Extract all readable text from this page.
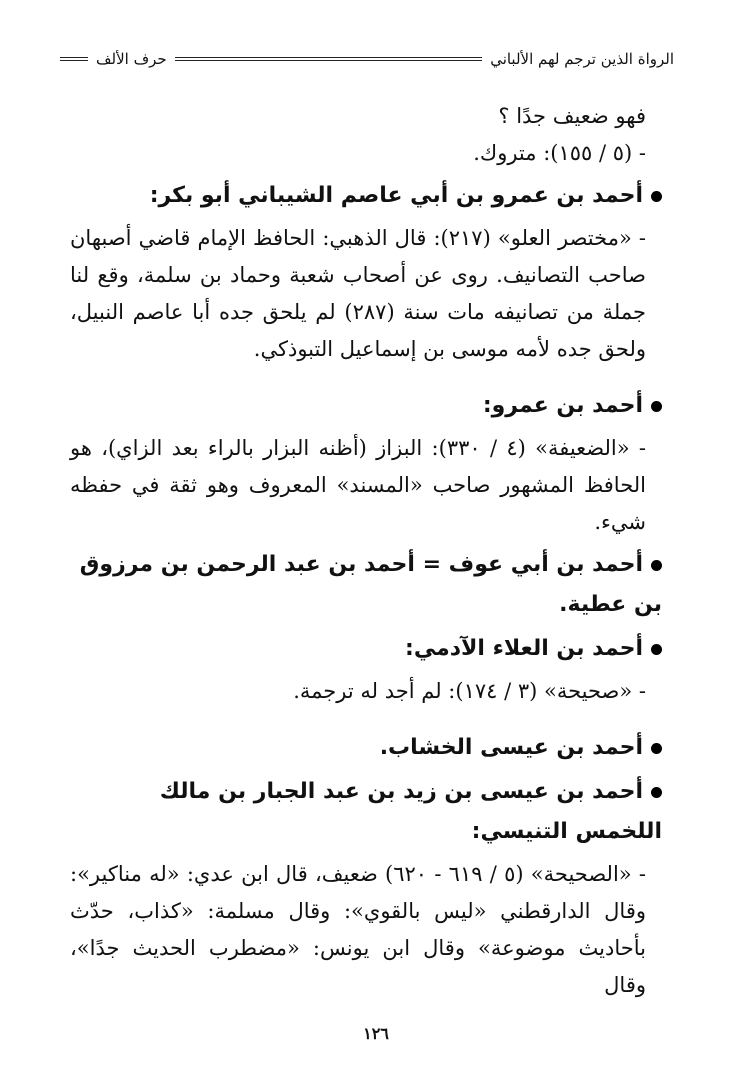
الرواة الذين ترجم لهم الألباني
حرف الألف

فهو ضعيف جدًا ؟

- (٥ / ١٥٥): متروك.

أحمد بن عمرو بن أبي عاصم الشيباني أبو بكر:

- «مختصر العلو» (٢١٧): قال الذهبي: الحافظ الإمام قاضي أصبهان صاحب التصانيف. روى عن أصحاب شعبة وحماد بن سلمة، وقع لنا جملة من تصانيفه مات سنة (٢٨٧) لم يلحق جده أبا عاصم النبيل، ولحق جده لأمه موسى بن إسماعيل التبوذكي.

أحمد بن عمرو:

- «الضعيفة» (٤ / ٣٣٠): البزاز (أظنه البزار بالراء بعد الزاي)، هو الحافظ المشهور صاحب «المسند» المعروف وهو ثقة في حفظه شيء.

أحمد بن أبي عوف = أحمد بن عبد الرحمن بن مرزوق بن عطية.
أحمد بن العلاء الآدمي:

- «صحيحة» (٣ / ١٧٤): لم أجد له ترجمة.

أحمد بن عيسى الخشاب.
أحمد بن عيسى بن زيد بن عبد الجبار بن مالك اللخمس التنيسي:

- «الصحيحة» (٥ / ٦١٩ - ٦٢٠) ضعيف، قال ابن عدي: «له مناكير»: وقال الدارقطني «ليس بالقوي»: وقال مسلمة: «كذاب، حدّث بأحاديث موضوعة» وقال ابن يونس: «مضطرب الحديث جدًا»، وقال

١٢٦
